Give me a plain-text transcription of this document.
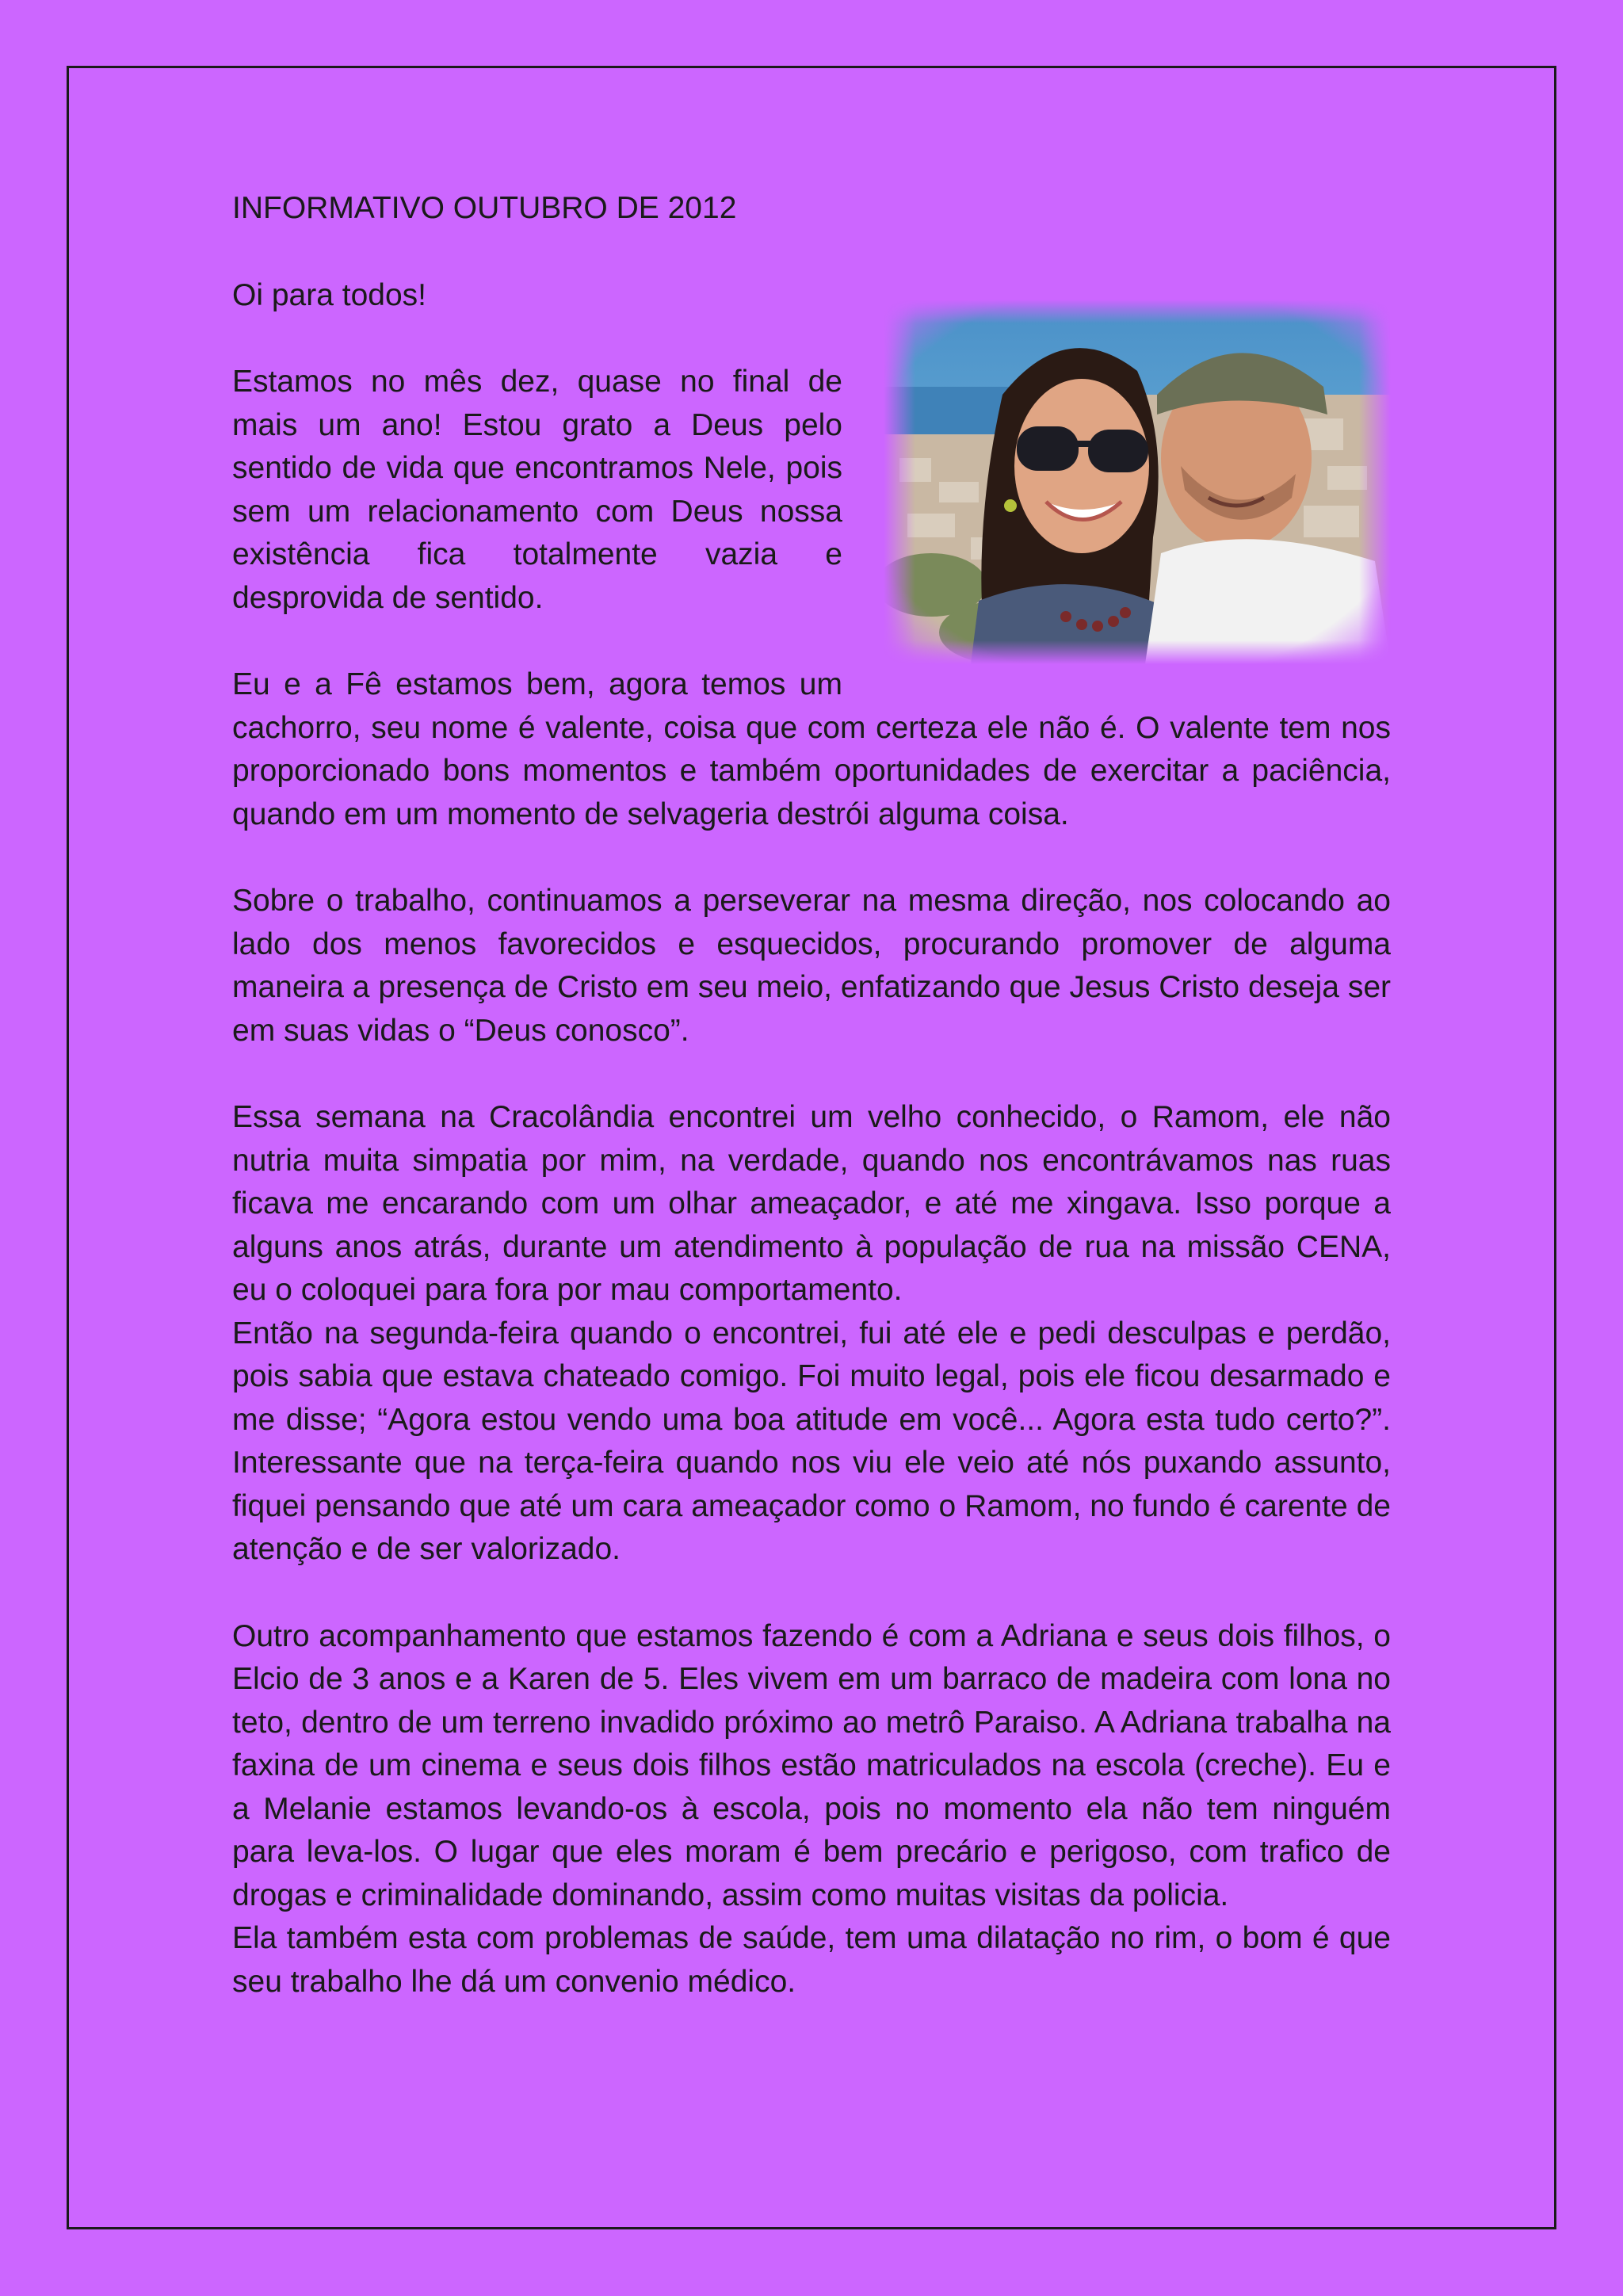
INFORMATIVO OUTUBRO DE 2012
Oi para todos!

Estamos no mês dez, quase no final de mais um ano! Estou grato a Deus pelo sentido de vida que encontramos Nele, pois sem um relacionamento com Deus nossa existência fica totalmente vazia e desprovida de sentido.

Eu e a Fê estamos bem, agora temos um cachorro, seu nome é valente, coisa que com certeza ele não é. O valente tem nos proporcionado bons momentos e também oportunidades de exercitar a paciência, quando em um momento de selvageria destrói alguma coisa.

Sobre o trabalho, continuamos a perseverar na mesma direção, nos colocando ao lado dos menos favorecidos e esquecidos, procurando promover de alguma maneira a presença de Cristo em seu meio, enfatizando que Jesus Cristo deseja ser em suas vidas o “Deus conosco”.

Essa semana na Cracolândia encontrei um velho conhecido, o Ramom, ele não nutria muita simpatia por mim, na verdade, quando nos encontrávamos nas ruas ficava me encarando com um olhar ameaçador, e até me xingava. Isso porque a alguns anos atrás, durante um atendimento à população de rua na missão CENA, eu o coloquei para fora por mau comportamento.

Então na segunda-feira quando o encontrei, fui até ele e pedi desculpas e perdão, pois sabia que estava chateado comigo. Foi muito legal, pois ele ficou desarmado e me disse; “Agora estou vendo uma boa atitude em você... Agora esta tudo certo?”. Interessante que na terça-feira quando nos viu ele veio até nós puxando assunto, fiquei pensando que até um cara ameaçador como o Ramom, no fundo é carente de atenção e de ser valorizado.

Outro acompanhamento que estamos fazendo é com a Adriana e seus dois filhos, o Elcio de 3 anos e a Karen de 5. Eles vivem em um barraco de madeira com lona no teto, dentro de um terreno invadido próximo ao metrô Paraiso. A Adriana trabalha na faxina de um cinema e seus dois filhos estão matriculados na escola (creche). Eu e a Melanie estamos levando-os à escola, pois no momento ela não tem ninguém para leva-los. O lugar que eles moram é bem precário e perigoso, com trafico de drogas e criminalidade dominando, assim como muitas visitas da policia.

Ela também esta com problemas de saúde, tem uma dilatação no rim, o bom é que seu trabalho lhe dá um convenio médico.
